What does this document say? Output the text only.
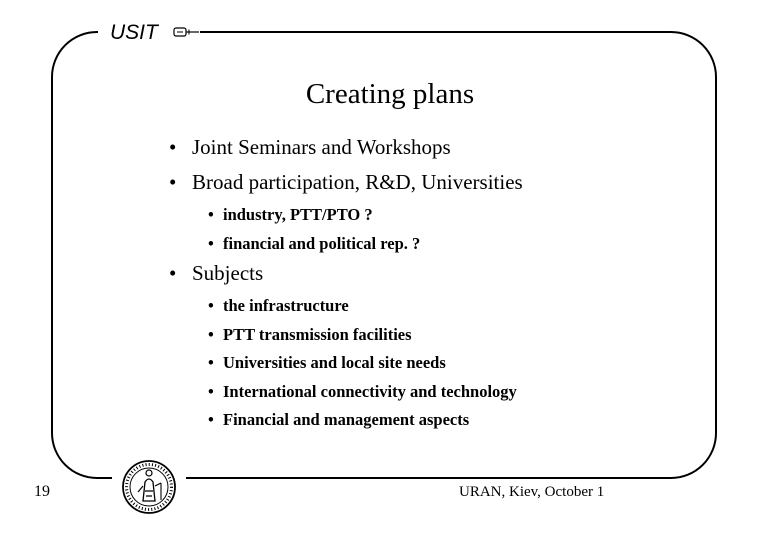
USIT
Creating plans
• Joint Seminars and Workshops
• Broad participation, R&D, Universities
• industry, PTT/PTO ?
• financial and political rep. ?
• Subjects
• the infrastructure
• PTT transmission facilities
• Universities and local site needs
• International connectivity and technology
• Financial and management aspects
19	URAN, Kiev, October 1
